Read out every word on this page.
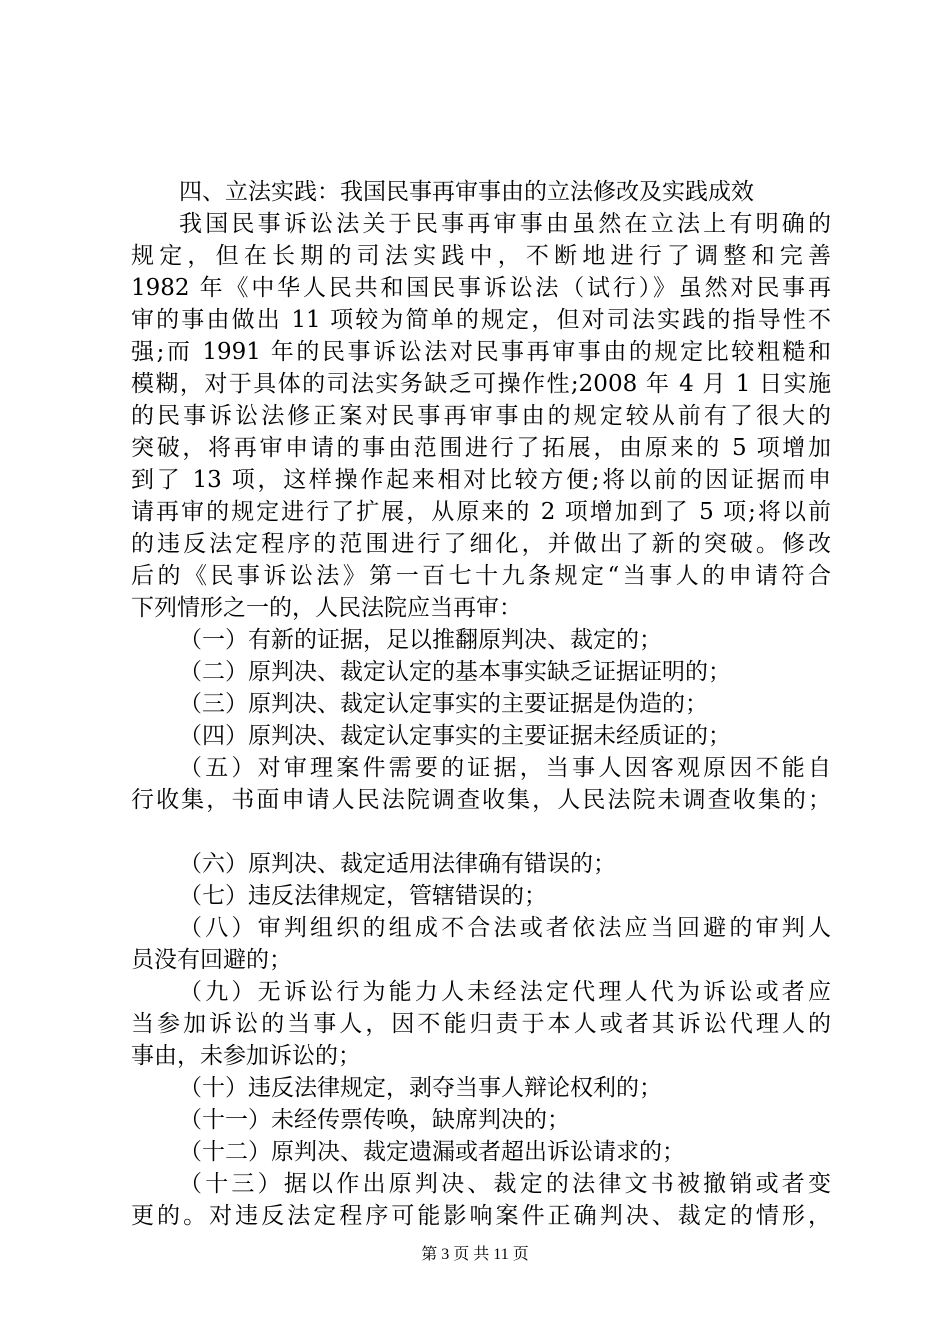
四、立法实践：我国民事再审事由的立法修改及实践成效
我国民事诉讼法关于民事再审事由虽然在立法上有明确的
规定，但在长期的司法实践中，不断地进行了调整和完善
1982 年《中华人民共和国民事诉讼法（试行）》虽然对民事再
审的事由做出 11 项较为简单的规定，但对司法实践的指导性不
强;而 1991 年的民事诉讼法对民事再审事由的规定比较粗糙和
模糊，对于具体的司法实务缺乏可操作性;2008 年 4 月 1 日实施
的民事诉讼法修正案对民事再审事由的规定较从前有了很大的
突破，将再审申请的事由范围进行了拓展，由原来的 5 项增加
到了 13 项，这样操作起来相对比较方便;将以前的因证据而申
请再审的规定进行了扩展，从原来的 2 项增加到了 5 项;将以前
的违反法定程序的范围进行了细化，并做出了新的突破。修改
后的《民事诉讼法》第一百七十九条规定“当事人的申请符合
下列情形之一的，人民法院应当再审：
（一）有新的证据，足以推翻原判决、裁定的；
（二）原判决、裁定认定的基本事实缺乏证据证明的；
（三）原判决、裁定认定事实的主要证据是伪造的；
（四）原判决、裁定认定事实的主要证据未经质证的；
（五）对审理案件需要的证据，当事人因客观原因不能自
行收集，书面申请人民法院调查收集，人民法院未调查收集的；
（六）原判决、裁定适用法律确有错误的；
（七）违反法律规定，管辖错误的；
（八）审判组织的组成不合法或者依法应当回避的审判人
员没有回避的；
（九）无诉讼行为能力人未经法定代理人代为诉讼或者应
当参加诉讼的当事人，因不能归责于本人或者其诉讼代理人的
事由，未参加诉讼的；
（十）违反法律规定，剥夺当事人辩论权利的；
（十一）未经传票传唤，缺席判决的；
（十二）原判决、裁定遗漏或者超出诉讼请求的；
（十三）据以作出原判决、裁定的法律文书被撤销或者变
更的。对违反法定程序可能影响案件正确判决、裁定的情形，
第 3 页 共 11 页
